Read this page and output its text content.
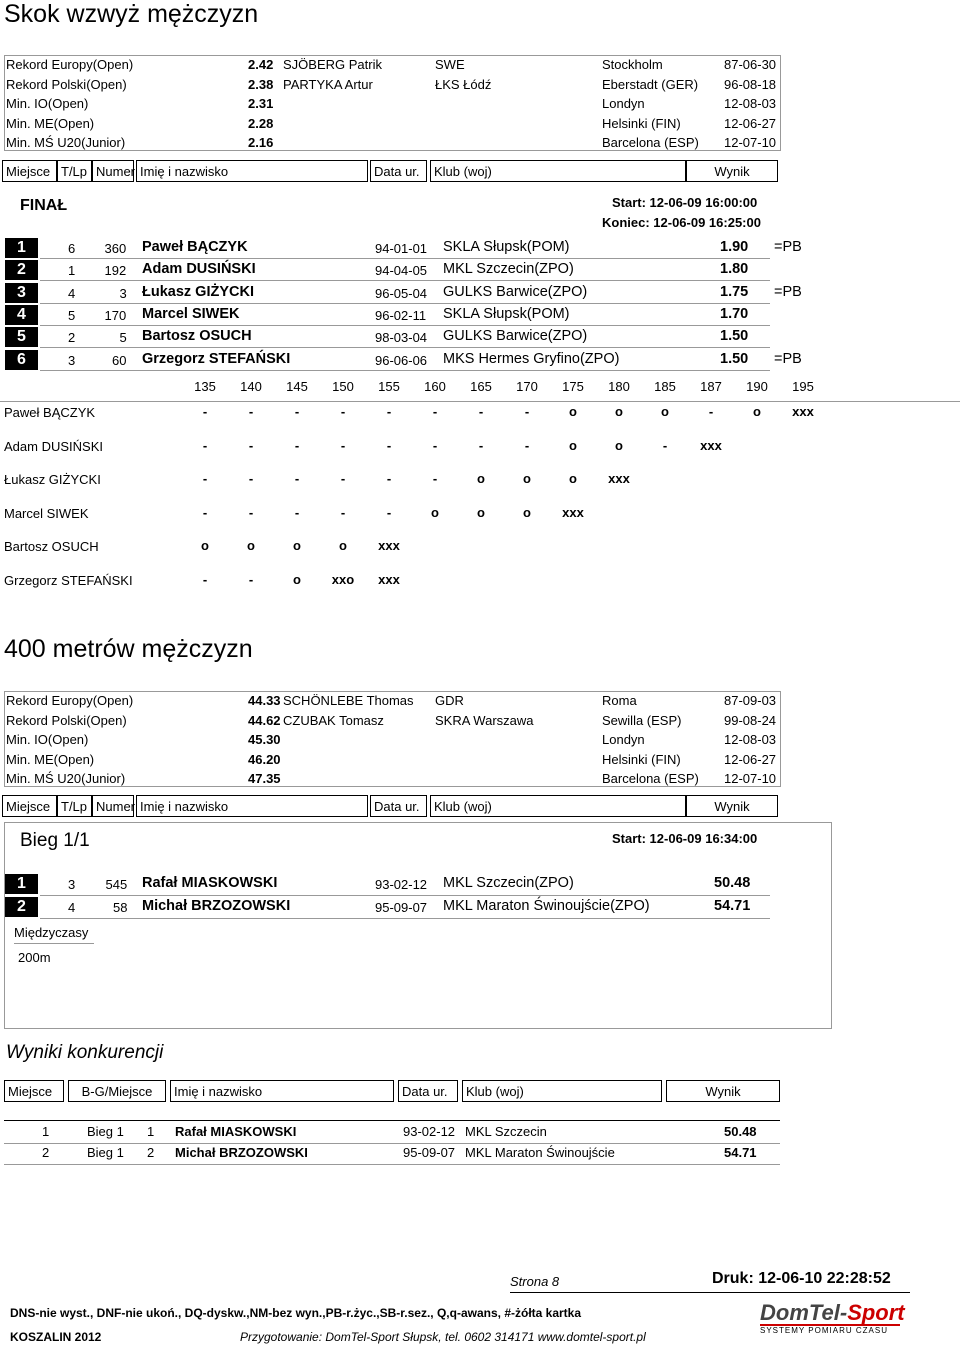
Skok wzwyż mężczyzn
Rekord Europy(Open)	2.42 SJÖBERG Patrik	SWE	Stockholm	87-06-30
Rekord Polski(Open)	2.38 PARTYKA Artur	ŁKS Łódź	Eberstadt (GER) 96-08-18
Min. IO(Open)	2.31	Londyn	12-08-03
Min. ME(Open)	2.28	Helsinki (FIN)	12-06-27
Min. MŚ U20(Junior)	2.16	Barcelona (ESP) 12-07-10
Miejsce T/Lp Numer Imię i nazwisko	Data ur.	Klub (woj)	Wynik
FINAŁ	Start: 12-06-09 16:00:00
Koniec: 12-06-09 16:25:00
1	6 360 Paweł BĄCZYK	94-01-01 SKLA Słupsk(POM)	1.90 =PB
2	1 192 Adam DUSIŃSKI	94-04-05 MKL Szczecin(ZPO)	1.80
3	4	3 Łukasz GIŻYCKI	96-05-04 GULKS Barwice(ZPO)	1.75 =PB
4	5 170 Marcel SIWEK	96-02-11 SKLA Słupsk(POM)	1.70
5	2	5 Bartosz OSUCH	98-03-04 GULKS Barwice(ZPO)	1.50
6	3	60 Grzegorz STEFAŃSKI	96-06-06 MKS Hermes Gryfino(ZPO)	1.50 =PB
135	140	145	150	155	160	165	170	175	180	185	187	190	195
Paweł BĄCZYK	-	-	-	-	-	-	-	-	o	o	o	-	o	xxx
Adam DUSIŃSKI	-	-	-	-	-	-	-	-	o	o	-	xxx
Łukasz GIŻYCKI	-	-	-	-	-	-	o	o	o	xxx
Marcel SIWEK	-	-	-	-	-	o	o	o	xxx
Bartosz OSUCH	o	o	o	o	xxx
Grzegorz STEFAŃSKI	-	-	o	xxo	xxx
400 metrów mężczyzn
Rekord Europy(Open)	44.33 SCHÖNLEBE Thomas GDR	Roma	87-09-03
Rekord Polski(Open)	44.62 CZUBAK Tomasz	SKRA Warszawa	Sewilla (ESP)	99-08-24
Min. IO(Open)	45.30	Londyn	12-08-03
Min. ME(Open)	46.20	Helsinki (FIN)	12-06-27
Min. MŚ U20(Junior)	47.35	Barcelona (ESP) 12-07-10
Miejsce T/Lp Numer Imię i nazwisko	Data ur.	Klub (woj)	Wynik
Bieg 1/1	Start: 12-06-09 16:34:00
1	3 545 Rafał MIASKOWSKI	93-02-12 MKL Szczecin(ZPO)	50.48
2	4	58 Michał BRZOZOWSKI	95-09-07 MKL Maraton Świnoujście(ZPO)	54.71
Międzyczasy
200m
Wyniki konkurencji
Miejsce	B-G/Miejsce	Imię i nazwisko	Data ur.	Klub (woj)	Wynik
1	Bieg 1 1 Rafał MIASKOWSKI	93-02-12 MKL Szczecin	50.48
2	Bieg 1 2 Michał BRZOZOWSKI	95-09-07 MKL Maraton Świnoujście	54.71
Strona 8	Druk: 12-06-10 22:28:52
DNS-nie wyst., DNF-nie ukoń., DQ-dyskw.,NM-bez wyn.,PB-r.życ.,SB-r.sez., Q,q-awans, #-żółta kartka
KOSZALIN 2012	Przygotowanie: DomTel-Sport Słupsk, tel. 0602 314171 www.domtel-sport.pl
DomTel-Sport
SYSTEMY POMIARU CZASU
